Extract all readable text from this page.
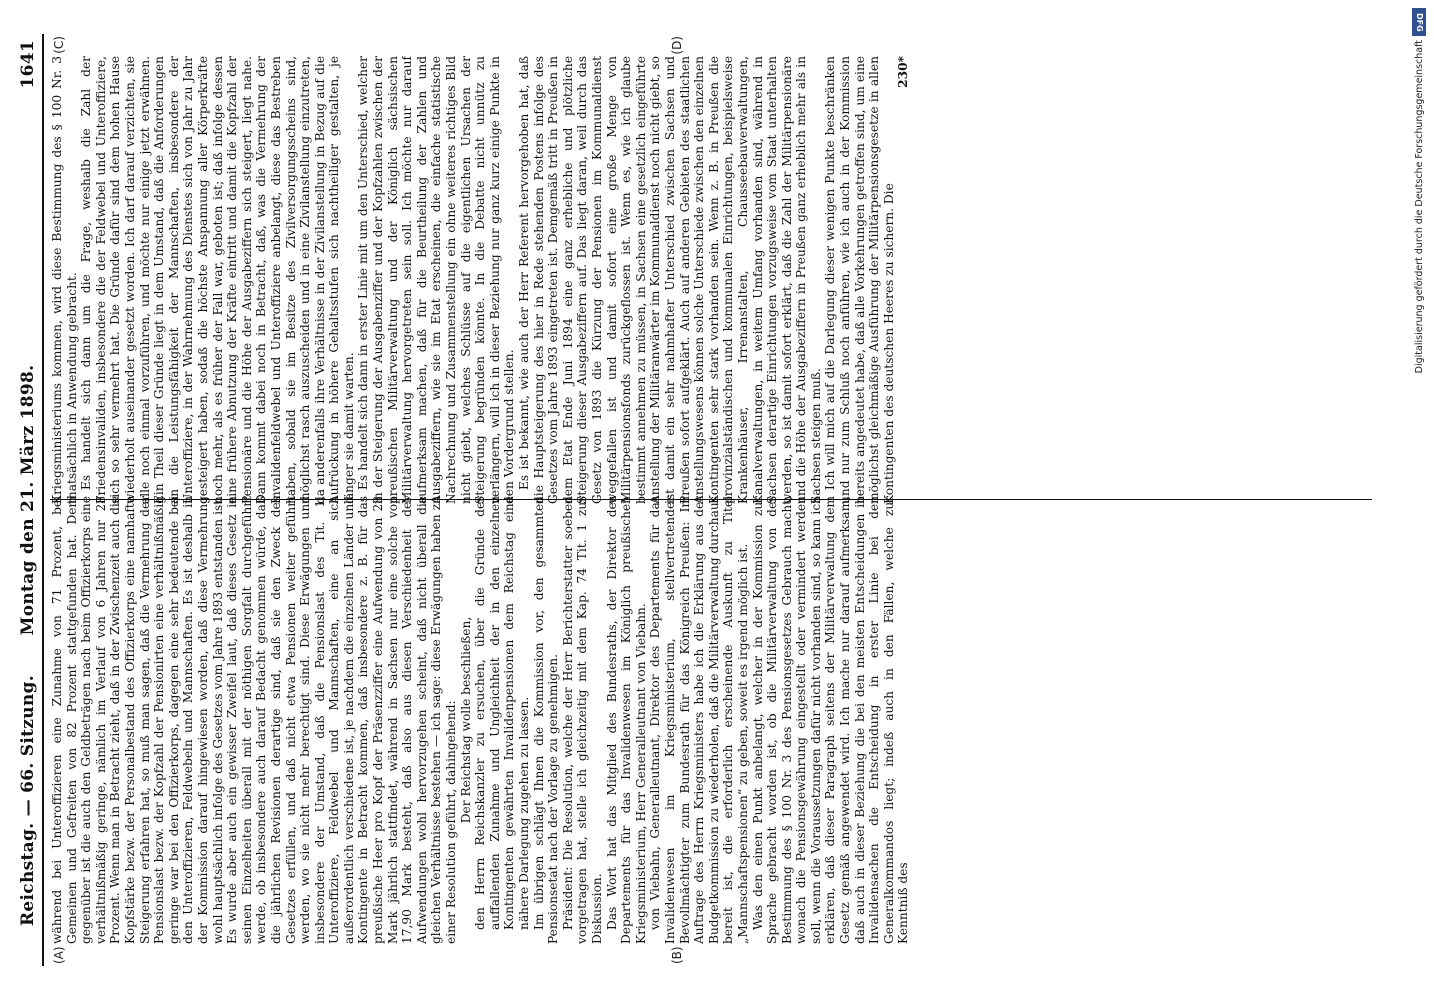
Reichstag. — 66. Sitzung.
Montag den 21. März 1898.
1641
(A)	(B)
(C)	(D)

während bei Unteroffizieren eine Zunahme von 71 Prozent, bei Gemeinen und Gefreiten von 82 Prozent stattgefunden hat. Dem gegenüber ist die auch den Geldbeträgen nach beim Offizierkorps eine verhältnißmäßig geringe, nämlich im Verlauf von 6 Jahren nur 28 Prozent. Wenn man in Betracht zieht, daß in der Zwischenzeit auch die Kopfstärke bezw. der Personalbestand des Offizierkorps eine namhafte Steigerung erfahren hat, so muß man sagen, daß die Vermehrung der Pensionslast bezw. der Kopfzahl der Pensionirten eine verhältnißmäßig geringe war bei den Offizierkorps, dagegen eine sehr bedeutende bei den Unteroffizieren, Feldwebeln und Mannschaften. Es ist deshalb in der Kommission darauf hingewiesen worden, daß diese Vermehrung wohl hauptsächlich infolge des Gesetzes vom Jahre 1893 entstanden ist. Es wurde aber auch ein gewisser Zweifel laut, daß dieses Gesetz in seinen Einzelheiten überall mit der nöthigen Sorgfalt durchgeführt werde, ob insbesondere auch darauf Bedacht genommen würde, daß die jährlichen Revisionen derartige sind, daß sie den Zweck des Gesetzes erfüllen, und daß nicht etwa Pensionen weiter geführt werden, wo sie nicht mehr berechtigt sind. Diese Erwägungen und insbesondere der Umstand, daß die Pensionslast des Tit. 1, Unteroffiziere, Feldwebel und Mannschaften, eine an sich außerordentlich verschiedene ist, je nachdem die einzelnen Länder und Kontingente in Betracht kommen, daß insbesondere z. B. für das preußische Heer pro Kopf der Präsenzziffer eine Aufwendung von 28 Mark jährlich stattfindet, während in Sachsen nur eine solche von 17,90 Mark besteht, daß also aus diesen Verschiedenheit der Aufwendungen wohl hervorzugehen scheint, daß nicht überall die gleichen Verhältnisse bestehen — ich sage: diese Erwägungen haben zu einer Resolution geführt, dahingehend: Der Reichstag wolle beschließen, den Herrn Reichskanzler zu ersuchen, über die Gründe der auffallenden Zunahme und Ungleichheit der in den einzelnen Kontingenten gewährten Invalidenpensionen dem Reichstag eine nähere Darlegung zugehen zu lassen. Im übrigen schlägt Ihnen die Kommission vor, den gesammten Pensionsetat nach der Vorlage zu genehmigen. Präsident: Die Resolution, welche der Herr Berichterstatter soeben vorgetragen hat, stelle ich gleichzeitig mit dem Kap. 74 Tit. 1 zur Diskussion. Das Wort hat das Mitglied des Bundesraths, der Direktor des Departements für das Invalidenwesen im Königlich preußischen Kriegsministerium, Herr Generalleutnant von Viebahn. von Viebahn, Generalleutnant, Direktor des Departements für das Invalidenwesen im Kriegsministerium, stellvertretender Bevollmächtigter zum Bundesrath für das Königreich Preußen: Im Auftrage des Herrn Kriegsministers habe ich die Erklärung aus der Budgetkommission zu wiederholen, daß die Militärverwaltung durchaus bereit ist, die erforderlich erscheinende Auskunft zu Titel „Mannschaftspensionen“ zu geben, soweit es irgend möglich ist. Was den einen Punkt anbelangt, welcher in der Kommission zur Sprache gebracht worden ist, ob die Militärverwaltung von der Bestimmung des § 100 Nr. 3 des Pensionsgesetzes Gebrauch macht, wonach die Pensionsgewährung eingestellt oder vermindert werden soll, wenn die Voraussetzungen dafür nicht vorhanden sind, so kann ich erklären, daß dieser Paragraph seitens der Militärverwaltung dem Gesetz gemäß angewendet wird. Ich mache nur darauf aufmerksam, daß auch in dieser Beziehung die bei den meisten Entscheidungen in Invalidensachen die Entscheidung in erster Linie bei den Generalkommandos liegt; indeß auch in den Fällen, welche zur Kenntniß des

Kriegsministeriums kommen, wird diese Bestimmung des § 100 Nr. 3 thatsächlich in Anwendung gebracht. Es handelt sich dann um die Frage, weshalb die Zahl der Friedensinvaliden, insbesondere die der Feldwebel und Unteroffiziere, sich so sehr vermehrt hat. Die Gründe dafür sind dem hohen Hause wiederholt auseinander gesetzt worden. Ich darf darauf verzichten, sie alle noch einmal vorzuführen, und möchte nur einige jetzt erwähnen. Ein Theil dieser Gründe liegt in dem Umstand, daß die Anforderungen an die Leistungsfähigkeit der Mannschaften, insbesondere der Unteroffiziere, in der Wahrnehmung des Dienstes sich von Jahr zu Jahr gesteigert haben, sodaß die höchste Anspannung aller Körperkräfte noch mehr, als es früher der Fall war, geboten ist; daß infolge dessen eine frühere Abnutzung der Kräfte eintritt und damit die Kopfzahl der Pensionäre und die Höhe der Ausgabeziffern sich steigert, liegt nahe. Dann kommt dabei noch in Betracht, daß, was die Vermehrung der Invalidenfeldwebel und Unteroffiziere anbelangt, diese das Bestreben haben, sobald sie im Besitze des Zivilversorgungsscheins sind, möglichst rasch auszuscheiden und in eine Zivilanstellung einzutreten, da anderenfalls ihre Verhältnisse in der Zivilanstellung in Bezug auf die Aufrückung in höhere Gehaltsstufen sich nachtheiliger gestalten, je länger sie damit warten. Es handelt sich dann in erster Linie mit um den Unterschied, welcher in der Steigerung der Ausgabenziffer und der Kopfzahlen zwischen der preußischen Militärverwaltung und der Königlich sächsischen Militärverwaltung hervorgetreten sein soll. Ich möchte nur darauf aufmerksam machen, daß für die Beurtheilung der Zahlen und Ausgabeziffern, wie sie im Etat erscheinen, die einfache statistische Nachrechnung und Zusammenstellung ein ohne weiteres richtiges Bild nicht giebt, welches Schlüsse auf die eigentlichen Ursachen der Steigerung begründen könnte. In die Debatte nicht unnütz zu verlängern, will ich in dieser Beziehung nur ganz kurz einige Punkte in den Vordergrund stellen. Es ist bekannt, wie auch der Herr Referent hervorgehoben hat, daß die Hauptsteigerung des hier in Rede stehenden Postens infolge des Gesetzes vom Jahre 1893 eingetreten ist. Demgemäß tritt in Preußen in dem Etat Ende Juni 1894 eine ganz erhebliche und plötzliche Steigerung dieser Ausgabeziffern auf. Das liegt daran, weil durch das Gesetz von 1893 die Kürzung der Pensionen im Kommunaldienst weggefallen ist und damit sofort eine große Menge von Militärpensionsfonds zurückgeflossen ist. Wenn es, wie ich glaube bestimmt annehmen zu müssen, in Sachsen eine gesetzlich eingeführte Anstellung der Militäranwärter im Kommunaldienst noch nicht giebt, so ist damit ein sehr nahmhafter Unterschied zwischen Sachsen und Preußen sofort aufgeklärt. Auch auf anderen Gebieten des staatlichen Anstellungswesens können solche Unterschiede zwischen den einzelnen Kontingenten sehr stark vorhanden sein. Wenn z. B. in Preußen die provinzialständischen und kommunalen Einrichtungen, beispielsweise Krankenhäuser, Irrenanstalten, Chausseebauverwaltungen, Kanalverwaltungen, in weitem Umfang vorhanden sind, während in Sachsen derartige Einrichtungen vorzugsweise vom Staat unterhalten werden, so ist damit sofort erklärt, daß die Zahl der Militärpensionäre und die Höhe der Ausgabeziffern in Preußen ganz erheblich mehr als in Sachsen steigen muß. Ich will mich auf die Darlegung dieser wenigen Punkte beschränken und nur zum Schluß noch anführen, wie ich auch in der Kommission bereits angedeutet habe, daß alle Vorkehrungen getroffen sind, um eine möglichst gleichmäßige Ausführung der Militärpensionsgesetze in allen Kontingenten des deutschen Heeres zu sichern. Die

230*

DFG
Digitalisierung gefördert durch die Deutsche Forschungsgemeinschaft
